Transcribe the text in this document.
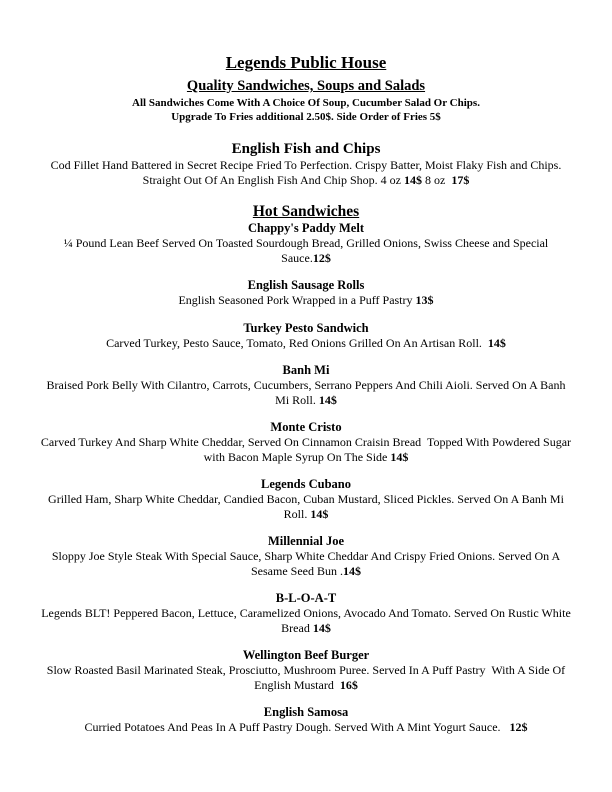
Legends Public House
Quality Sandwiches, Soups and Salads
All Sandwiches Come With A Choice Of Soup, Cucumber Salad Or Chips.
Upgrade To Fries additional 2.50$. Side Order of Fries 5$
English Fish and Chips
Cod Fillet Hand Battered in Secret Recipe Fried To Perfection. Crispy Batter, Moist Flaky Fish and Chips. Straight Out Of An English Fish And Chip Shop. 4 oz 14$ 8 oz  17$
Hot Sandwiches
Chappy's Paddy Melt
¼ Pound Lean Beef Served On Toasted Sourdough Bread, Grilled Onions, Swiss Cheese and Special Sauce.12$
English Sausage Rolls
English Seasoned Pork Wrapped in a Puff Pastry 13$
Turkey Pesto Sandwich
Carved Turkey, Pesto Sauce, Tomato, Red Onions Grilled On An Artisan Roll.  14$
Banh Mi
Braised Pork Belly With Cilantro, Carrots, Cucumbers, Serrano Peppers And Chili Aioli. Served On A Banh Mi Roll. 14$
Monte Cristo
Carved Turkey And Sharp White Cheddar, Served On Cinnamon Craisin Bread  Topped With Powdered Sugar with Bacon Maple Syrup On The Side 14$
Legends Cubano
Grilled Ham, Sharp White Cheddar, Candied Bacon, Cuban Mustard, Sliced Pickles. Served On A Banh Mi Roll. 14$
Millennial Joe
Sloppy Joe Style Steak With Special Sauce, Sharp White Cheddar And Crispy Fried Onions. Served On A Sesame Seed Bun .14$
B-L-O-A-T
Legends BLT! Peppered Bacon, Lettuce, Caramelized Onions, Avocado And Tomato. Served On Rustic White Bread 14$
Wellington Beef Burger
Slow Roasted Basil Marinated Steak, Prosciutto, Mushroom Puree. Served In A Puff Pastry  With A Side Of English Mustard  16$
English Samosa
Curried Potatoes And Peas In A Puff Pastry Dough. Served With A Mint Yogurt Sauce.   12$
